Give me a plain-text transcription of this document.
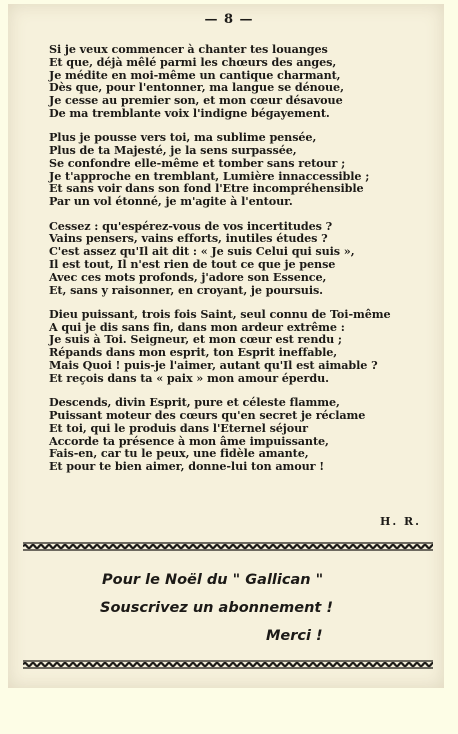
— 8 —
Si je veux commencer à chanter tes louanges
Et que, déjà mêlé parmi les chœurs des anges,
Je médite en moi-même un cantique charmant,
Dès que, pour l'entonner, ma langue se dénoue,
Je cesse au premier son, et mon cœur désavoue
De ma tremblante voix l'indigne bégayement.
Plus je pousse vers toi, ma sublime pensée,
Plus de ta Majesté, je la sens surpassée,
Se confondre elle-même et tomber sans retour ;
Je t'approche en tremblant, Lumière innaccessible ;
Et sans voir dans son fond l'Etre incompréhensible
Par un vol étonné, je m'agite à l'entour.
Cessez : qu'espérez-vous de vos incertitudes ?
Vains pensers, vains efforts, inutiles études ?
C'est assez qu'Il ait dit : « Je suis Celui qui suis »,
Il est tout, Il n'est rien de tout ce que je pense
Avec ces mots profonds, j'adore son Essence,
Et, sans y raisonner, en croyant, je poursuis.
Dieu puissant, trois fois Saint, seul connu de Toi-même
A qui je dis sans fin, dans mon ardeur extrême :
Je suis à Toi. Seigneur, et mon cœur est rendu ;
Répands dans mon esprit, ton Esprit ineffable,
Mais Quoi ! puis-je l'aimer, autant qu'Il est aimable ?
Et reçois dans ta « paix » mon amour éperdu.
Descends, divin Esprit, pure et céleste flamme,
Puissant moteur des cœurs qu'en secret je réclame
Et toi, qui le produis dans l'Eternel séjour
Accorde ta présence à mon âme impuissante,
Fais-en, car tu le peux, une fidèle amante,
Et pour te bien aimer, donne-lui ton amour !
H. R.
Pour le Noël du " Gallican "
Souscrivez un abonnement !
Merci !
